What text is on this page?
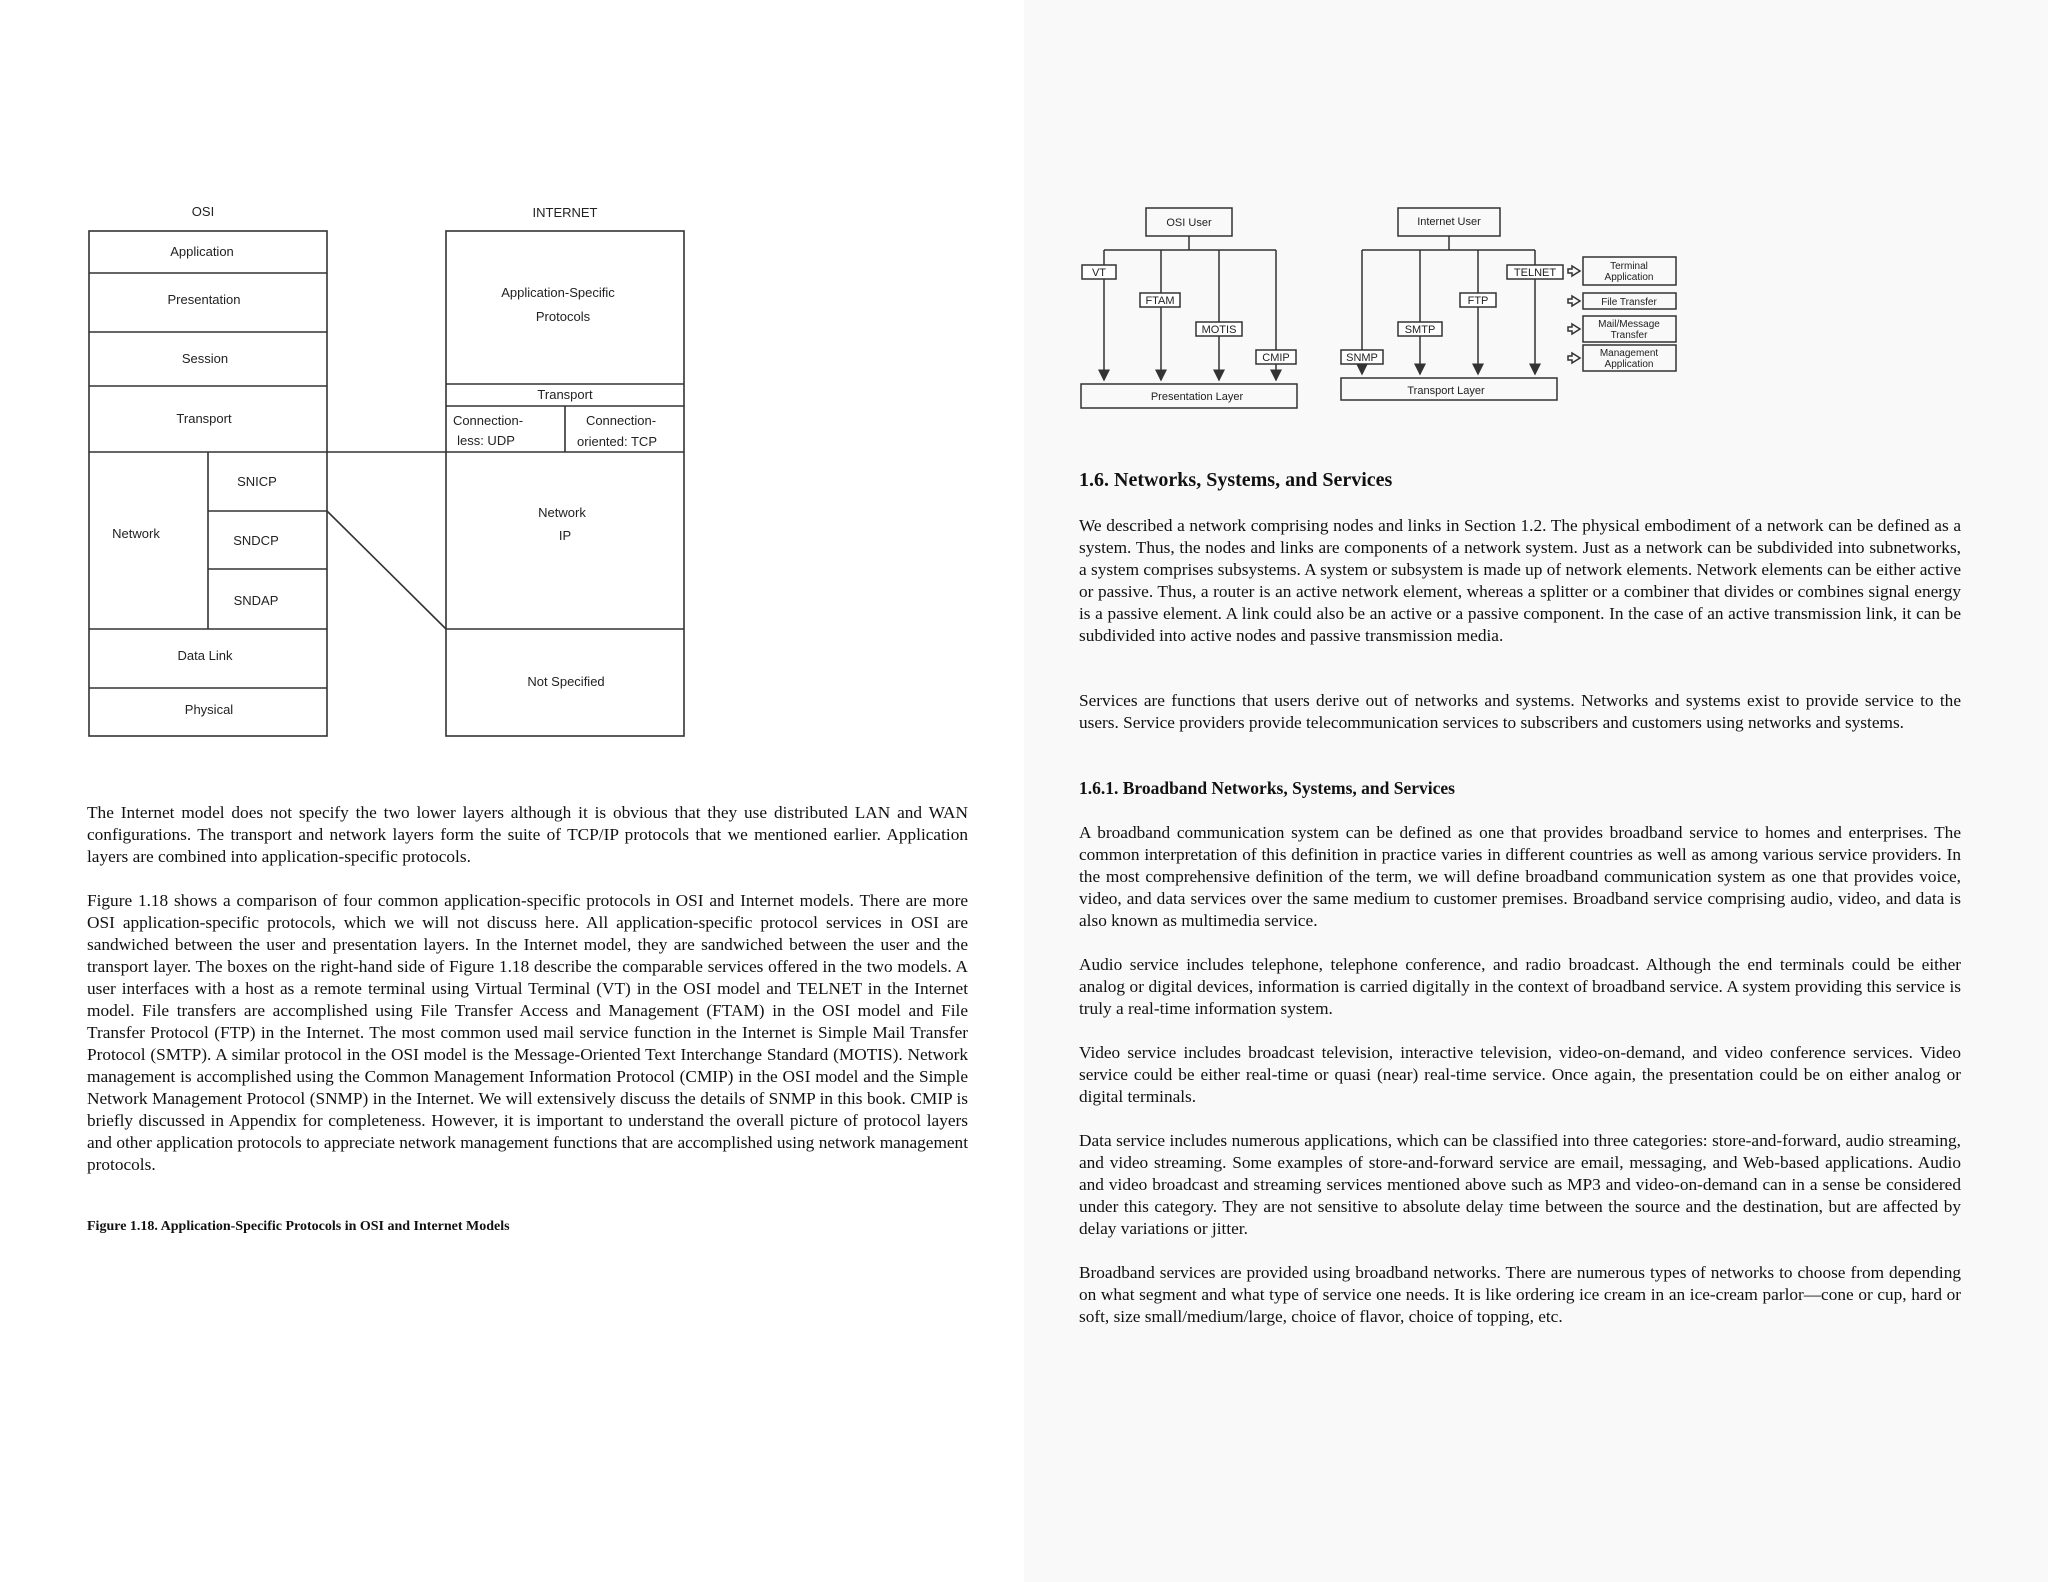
OSI	INTERNET
Application
Presentation
Session
Transport
Network
SNICP
SNDCP
SNDAP
Data Link
Physical
Application-Specific
Protocols
Transport
Connection-
less: UDP
Connection-
oriented: TCP
Network
IP
Not Specified

The Internet model does not specify the two lower layers although it is obvious that they use distributed LAN and WAN configurations. The transport and network layers form the suite of TCP/IP protocols that we mentioned earlier. Application layers are combined into application-specific protocols.

Figure 1.18 shows a comparison of four common application-specific protocols in OSI and Internet models. There are more OSI application-specific protocols, which we will not discuss here. All application-specific protocol services in OSI are sandwiched between the user and presentation layers. In the Internet model, they are sandwiched between the user and the transport layer. The boxes on the right-hand side of Figure 1.18 describe the comparable services offered in the two models. A user interfaces with a host as a remote terminal using Virtual Terminal (VT) in the OSI model and TELNET in the Internet model. File transfers are accomplished using File Transfer Access and Management (FTAM) in the OSI model and File Transfer Protocol (FTP) in the Internet. The most common used mail service function in the Internet is Simple Mail Transfer Protocol (SMTP). A similar protocol in the OSI model is the Message-Oriented Text Interchange Standard (MOTIS). Network management is accomplished using the Common Management Information Protocol (CMIP) in the OSI model and the Simple Network Management Protocol (SNMP) in the Internet. We will extensively discuss the details of SNMP in this book. CMIP is briefly discussed in Appendix for completeness. However, it is important to understand the overall picture of protocol layers and other application protocols to appreciate network management functions that are accomplished using network management protocols.

Figure 1.18. Application-Specific Protocols in OSI and Internet Models

OSI User
VT
FTAM
MOTIS
CMIP
Presentation Layer
Internet User
SNMP
SMTP
FTP
TELNET
Transport Layer
Terminal
Application
File Transfer
Mail/Message
Transfer
Management
Application

1.6. Networks, Systems, and Services

We described a network comprising nodes and links in Section 1.2. The physical embodiment of a network can be defined as a system. Thus, the nodes and links are components of a network system. Just as a network can be subdivided into subnetworks, a system comprises subsystems. A system or subsystem is made up of network elements. Network elements can be either active or passive. Thus, a router is an active network element, whereas a splitter or a combiner that divides or combines signal energy is a passive element. A link could also be an active or a passive component. In the case of an active transmission link, it can be subdivided into active nodes and passive transmission media.

Services are functions that users derive out of networks and systems. Networks and systems exist to provide service to the users. Service providers provide telecommunication services to subscribers and customers using networks and systems.

1.6.1. Broadband Networks, Systems, and Services

A broadband communication system can be defined as one that provides broadband service to homes and enterprises. The common interpretation of this definition in practice varies in different countries as well as among various service providers. In the most comprehensive definition of the term, we will define broadband communication system as one that provides voice, video, and data services over the same medium to customer premises. Broadband service comprising audio, video, and data is also known as multimedia service.

Audio service includes telephone, telephone conference, and radio broadcast. Although the end terminals could be either analog or digital devices, information is carried digitally in the context of broadband service. A system providing this service is truly a real-time information system.

Video service includes broadcast television, interactive television, video-on-demand, and video conference services. Video service could be either real-time or quasi (near) real-time service. Once again, the presentation could be on either analog or digital terminals.

Data service includes numerous applications, which can be classified into three categories: store-and-forward, audio streaming, and video streaming. Some examples of store-and-forward service are email, messaging, and Web-based applications. Audio and video broadcast and streaming services mentioned above such as MP3 and video-on-demand can in a sense be considered under this category. They are not sensitive to absolute delay time between the source and the destination, but are affected by delay variations or jitter.

Broadband services are provided using broadband networks. There are numerous types of networks to choose from depending on what segment and what type of service one needs. It is like ordering ice cream in an ice-cream parlor—cone or cup, hard or soft, size small/medium/large, choice of flavor, choice of topping, etc.
